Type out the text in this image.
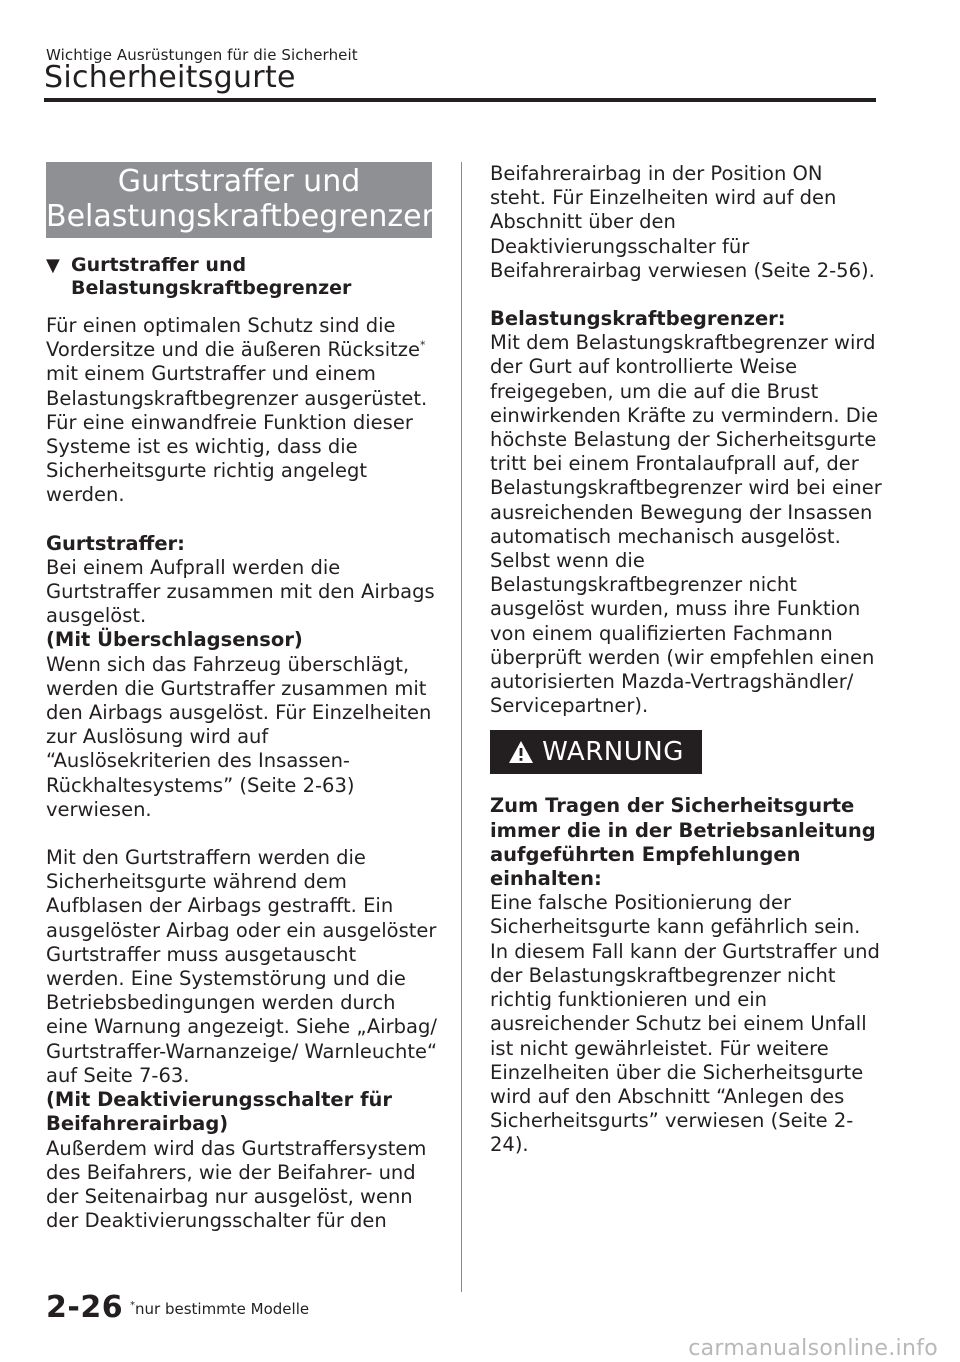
Wichtige Ausrüstungen für die Sicherheit
Sicherheitsgurte
Gurtstraffer und
Belastungskraftbegrenzer
▼ Gurtstraffer und
Belastungskraftbegrenzer

Für einen optimalen Schutz sind die Vordersitze und die äußeren Rücksitze* mit einem Gurtstraffer und einem Belastungskraftbegrenzer ausgerüstet. Für eine einwandfreie Funktion dieser Systeme ist es wichtig, dass die Sicherheitsgurte richtig angelegt werden.

Gurtstraffer:

Bei einem Aufprall werden die Gurtstraffer zusammen mit den Airbags ausgelöst.

(Mit Überschlagsensor)

Wenn sich das Fahrzeug überschlägt, werden die Gurtstraffer zusammen mit den Airbags ausgelöst. Für Einzelheiten zur Auslösung wird auf “Auslösekriterien des Insassen-Rückhaltesystems” (Seite 2-63) verwiesen.

Mit den Gurtstraffern werden die Sicherheitsgurte während dem Aufblasen der Airbags gestrafft. Ein ausgelöster Airbag oder ein ausgelöster Gurtstraffer muss ausgetauscht werden. Eine Systemstörung und die Betriebsbedingungen werden durch eine Warnung angezeigt. Siehe „Airbag/ Gurtstraffer-Warnanzeige/ Warnleuchte“ auf Seite 7-63.

(Mit Deaktivierungsschalter für Beifahrerairbag)

Außerdem wird das Gurtstraffersystem des Beifahrers, wie der Beifahrer- und der Seitenairbag nur ausgelöst, wenn der Deaktivierungsschalter für den

Beifahrerairbag in der Position ON steht. Für Einzelheiten wird auf den Abschnitt über den Deaktivierungsschalter für Beifahrerairbag verwiesen (Seite 2-56).

Belastungskraftbegrenzer:

Mit dem Belastungskraftbegrenzer wird der Gurt auf kontrollierte Weise freigegeben, um die auf die Brust einwirkenden Kräfte zu vermindern. Die höchste Belastung der Sicherheitsgurte tritt bei einem Frontalaufprall auf, der Belastungskraftbegrenzer wird bei einer ausreichenden Bewegung der Insassen automatisch mechanisch ausgelöst. Selbst wenn die Belastungskraftbegrenzer nicht ausgelöst wurden, muss ihre Funktion von einem qualifizierten Fachmann überprüft werden (wir empfehlen einen autorisierten Mazda-Vertragshändler/ Servicepartner).

WARNUNG

Zum Tragen der Sicherheitsgurte immer die in der Betriebsanleitung aufgeführten Empfehlungen einhalten:

Eine falsche Positionierung der Sicherheitsgurte kann gefährlich sein. In diesem Fall kann der Gurtstraffer und der Belastungskraftbegrenzer nicht richtig funktionieren und ein ausreichender Schutz bei einem Unfall ist nicht gewährleistet. Für weitere Einzelheiten über die Sicherheitsgurte wird auf den Abschnitt “Anlegen des Sicherheitsgurts” verwiesen (Seite 2-24).

2-26 *nur bestimmte Modelle
carmanualsonline.info
